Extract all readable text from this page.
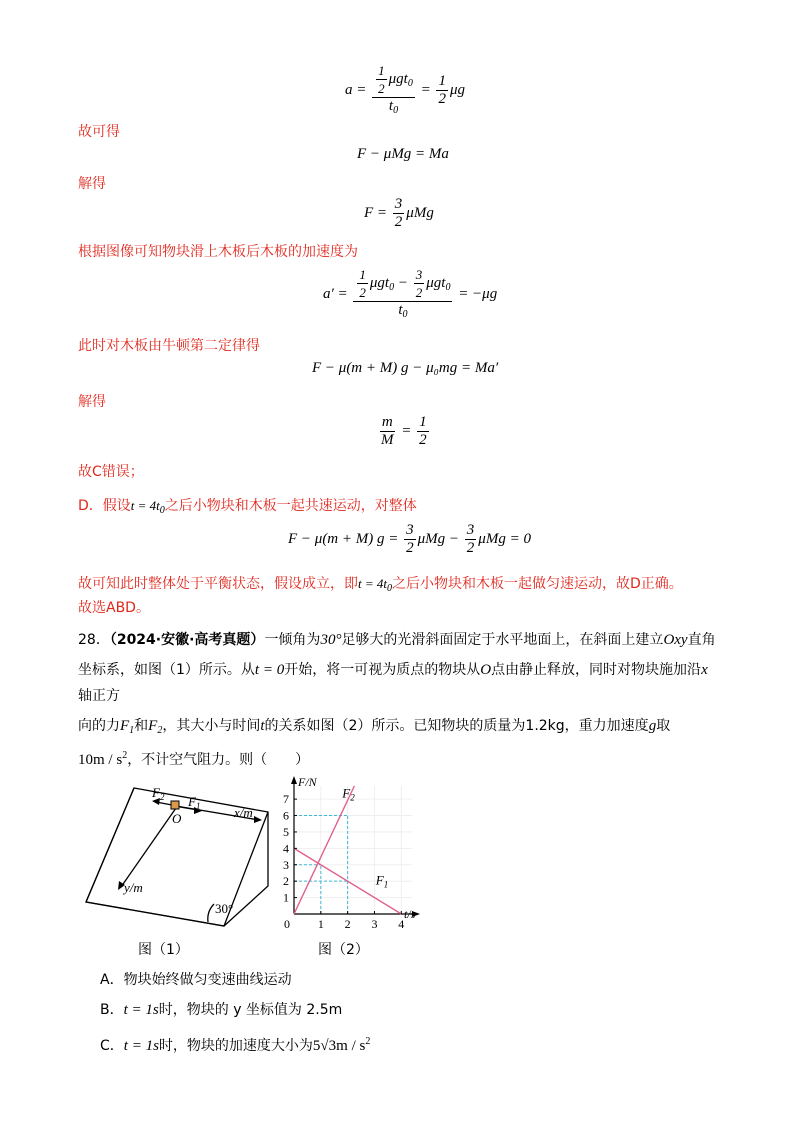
$a = \frac{\frac{1}{2} \mu gt_0}{t_0} = \frac{1}{2}$ μg
故可得
F − μMg = Ma
解得
$F = \frac{3}{2}$ μMg
根据图像可知物块滑上木板后木板的加速度为
$a' = \frac{\frac{1}{2} \mu gt_0 - \frac{3}{2} \mu gt_0}{t_0} = -\mu g$
此时对木板由牛顿第二定律得
F − μ(m + M) g − μ₀mg = Ma′
解得
$\frac{m}{M} = \frac{1}{2}$
故C错误；
D．假设$t = 4t_0$之后小物块和木板一起共速运动，对整体
F − μ(m + M) $g = \frac{3}{2}$ $\mu Mg - \frac{3}{2}$ μMg = 0
故可知此时整体处于平衡状态，假设成立，即$t = 4t_0$之后小物块和木板一起做匀速运动，故D正确。
故选ABD。
28．（2024·安徽·高考真题）一倾角为30°足够大的光滑斜面固定于水平地面上，在斜面上建立Oxy直角
坐标系，如图（1）所示。从t = 0开始，将一可视为质点的物块从O点由静止释放，同时对物块施加沿x
轴正方
向的力$F_1$和$F_2$，其大小与时间t的关系如图（2）所示。已知物块的质量为1.2kg，重力加速度g取
$10m / s^2$，不计空气阻力。则（　　）
$F_2$ $F_1$
O	x/m
y/m
30°
图（1）
0 1 2 3 4
1
2
3
4
5
6
7
F/N
t/s
$F_2$
$F_1$
图（2）
A．物块始终做匀变速曲线运动
B．t = 1s时，物块的 y 坐标值为 2.5m
C．t = 1s时，物块的加速度大小为$5√3m / s^2$
